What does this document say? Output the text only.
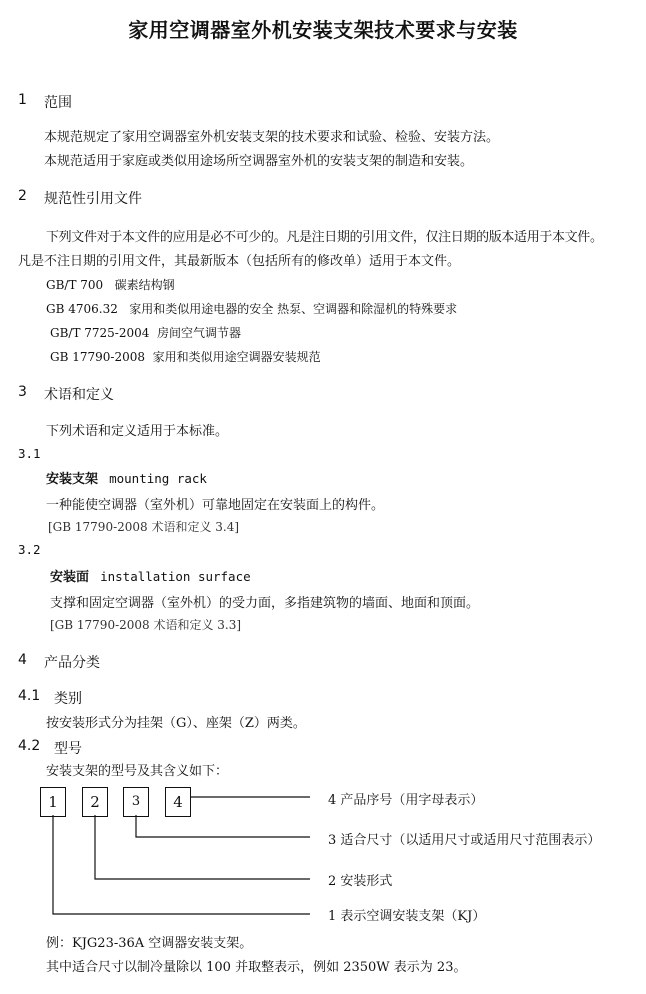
家用空调器室外机安装支架技术要求与安装
1 范围
本规范规定了家用空调器室外机安装支架的技术要求和试验、检验、安装方法。
本规范适用于家庭或类似用途场所空调器室外机的安装支架的制造和安装。
2 规范性引用文件
下列文件对于本文件的应用是必不可少的。凡是注日期的引用文件，仅注日期的版本适用于本文件。
凡是不注日期的引用文件，其最新版本（包括所有的修改单）适用于本文件。
GB/T 700   碳素结构钢
GB 4706.32   家用和类似用途电器的安全 热泵、空调器和除湿机的特殊要求
GB/T 7725-2004  房间空气调节器
GB 17790-2008  家用和类似用途空调器安装规范
3 术语和定义
下列术语和定义适用于本标准。
3.1
安装支架 mounting rack
一种能使空调器（室外机）可靠地固定在安装面上的构件。
[GB 17790-2008 术语和定义 3.4]
3.2
安装面 installation surface
支撑和固定空调器（室外机）的受力面，多指建筑物的墙面、地面和顶面。
[GB 17790-2008 术语和定义 3.3]
4 产品分类
4.1 类别
按安装形式分为挂架（G）、座架（Z）两类。
4.2 型号
安装支架的型号及其含义如下：
1	2	3	4	4 产品序号（用字母表示）
3 适合尺寸（以适用尺寸或适用尺寸范围表示）
2 安装形式
1 表示空调安装支架（KJ）
例：KJG23-36A 空调器安装支架。
其中适合尺寸以制冷量除以 100 并取整表示，例如 2350W 表示为 23。
